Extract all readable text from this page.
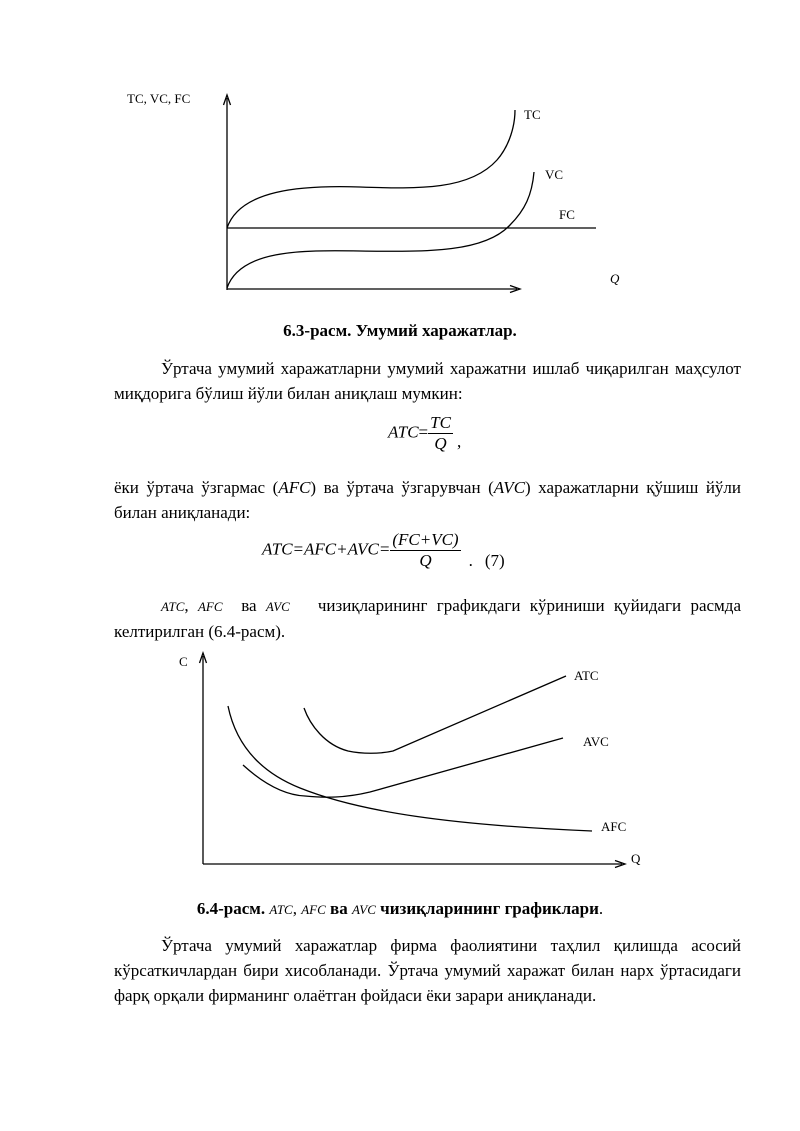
TC, VC, FC
TC
VC
FC
Q
6.3-расм. Умумий харажатлар.
Ўртача умумий харажатларни умумий харажатни ишлаб чиқарилган маҳсулот миқдорига бўлиш йўли билан аниқлаш мумкин:
$ATC= \frac{TC}{Q}$ ,
ёки ўртача ўзгармас (AFC) ва ўртача ўзгарувчан (AVC) харажатларни қўшиш йўли билан аниқланади:
$ATC=AFC+AVC= \frac{(FC+VC)}{Q}$ . (7)
ATC, AFC ва AVC чизиқларининг графикдаги кўриниши қуйидаги расмда келтирилган (6.4-расм).
C
ATC
AVC
AFC
Q
6.4-расм. ATC, AFC ва AVC чизиқларининг графиклари.
Ўртача умумий харажатлар фирма фаолиятини таҳлил қилишда асосий кўрсаткичлардан бири хисобланади. Ўртача умумий харажат билан нарх ўртасидаги фарқ орқали фирманинг олаётган фойдаси ёки зарари аниқланади.
